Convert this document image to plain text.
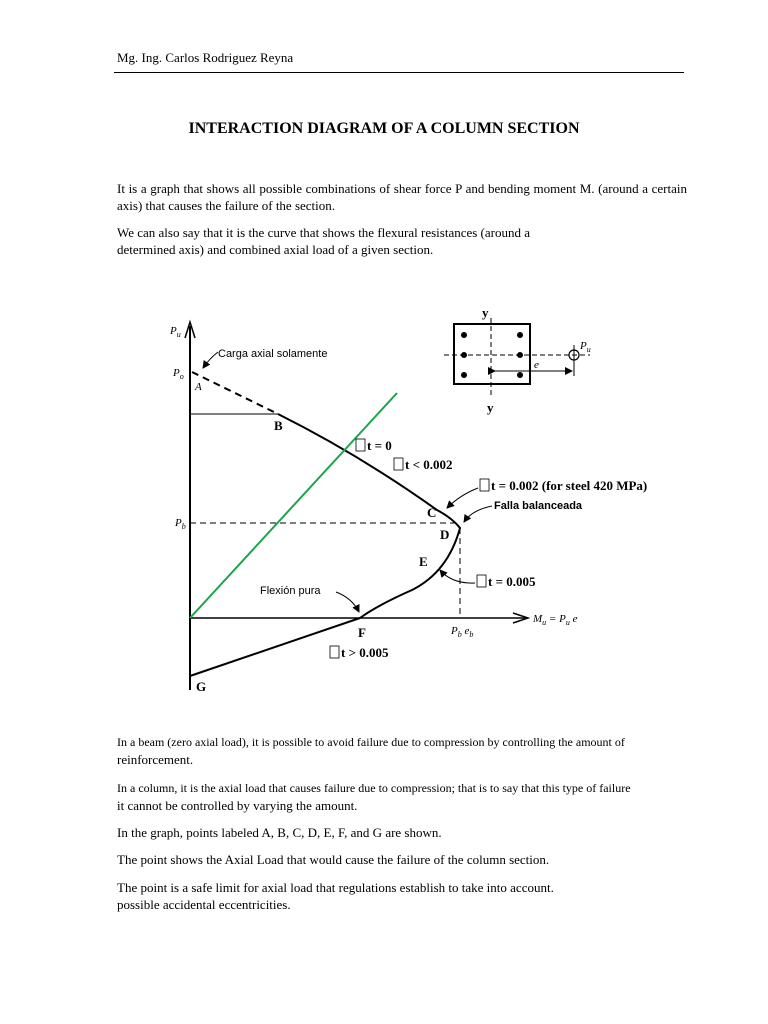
Mg. Ing. Carlos Rodriguez Reyna
INTERACTION DIAGRAM OF A COLUMN SECTION

It is a graph that shows all possible combinations of shear force P and bending moment M. (around a certain axis) that causes the failure of the section.

We can also say that it is the curve that shows the flexural resistances (around a
determined axis) and combined axial load of a given section.

$P_u$
$P_o$
$P_b$
$M_u = P_u$ e
$P_b$ $e_b$
A
B
C
D
E
F
G
Carga axial solamente
Falla balanceada
Flexión pura
t = 0
t < 0.002
t = 0.002 (for steel 420 MPa)
t = 0.005
t > 0.005
y
y
$P_u$
e

In a beam (zero axial load), it is possible to avoid failure due to compression by controlling the amount of
reinforcement.

In a column, it is the axial load that causes failure due to compression; that is to say that this type of failure
it cannot be controlled by varying the amount.

In the graph, points labeled A, B, C, D, E, F, and G are shown.

The point shows the Axial Load that would cause the failure of the column section.

The point is a safe limit for axial load that regulations establish to take into account.
possible accidental eccentricities.
